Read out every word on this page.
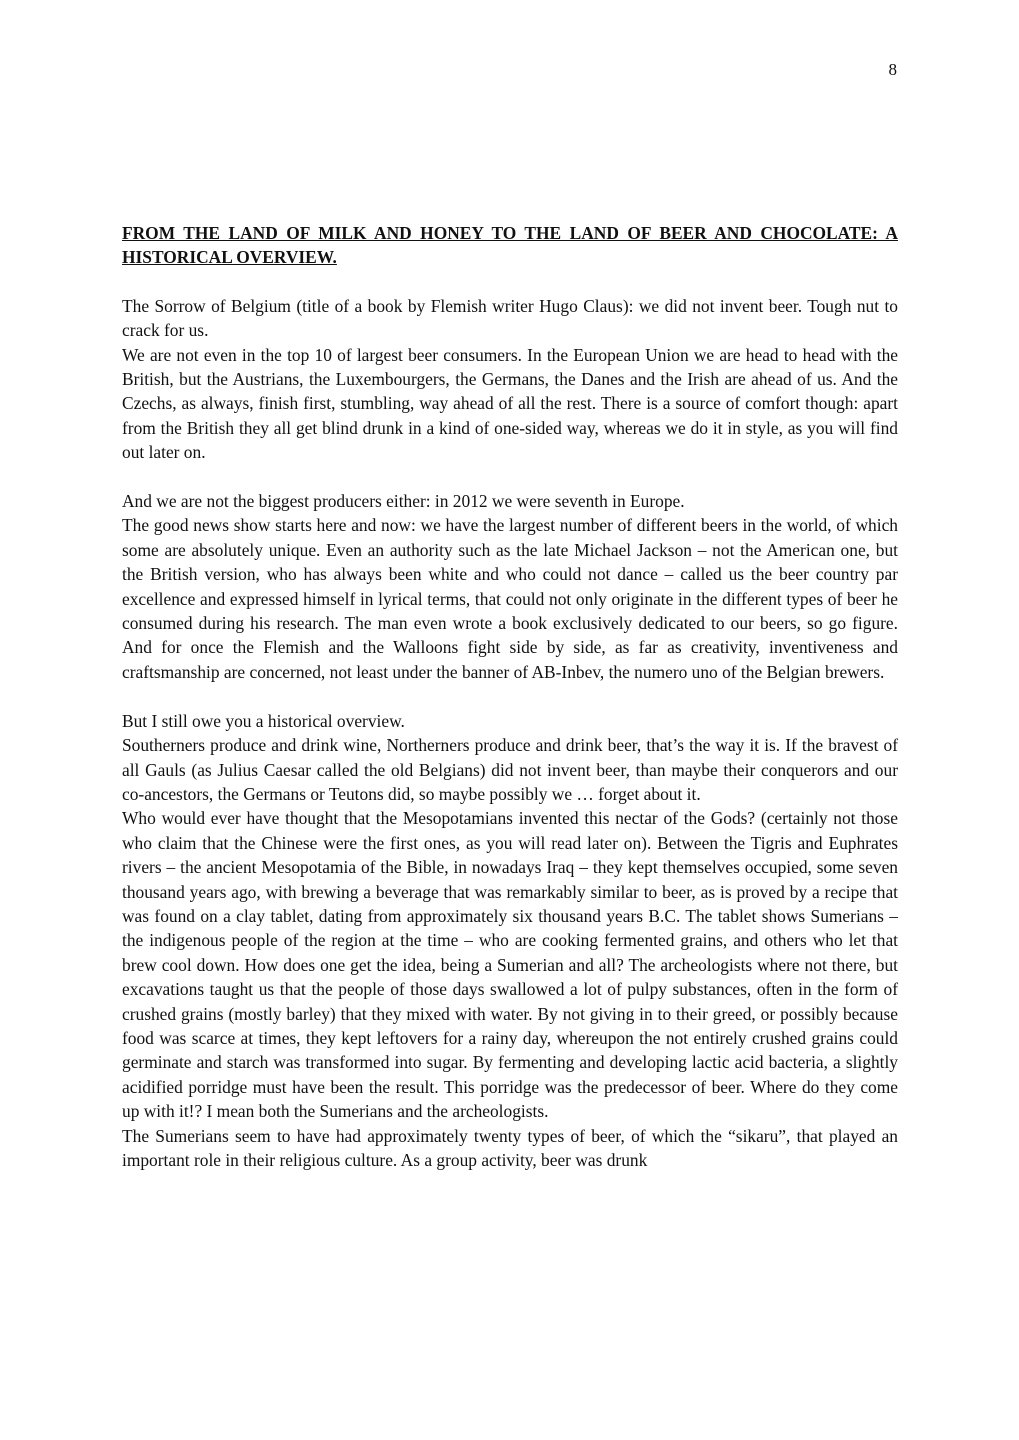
8
FROM THE LAND OF MILK AND HONEY TO THE LAND OF BEER AND CHOCOLATE: A HISTORICAL OVERVIEW.

The Sorrow of Belgium (title of a book by Flemish writer Hugo Claus): we did not invent beer. Tough nut to crack for us.

We are not even in the top 10 of largest beer consumers. In the European Union we are head to head with the British, but the Austrians, the Luxembourgers, the Germans, the Danes and the Irish are ahead of us. And the Czechs, as always, finish first, stumbling, way ahead of all the rest. There is a source of comfort though: apart from the British they all get blind drunk in a kind of one-sided way, whereas we do it in style, as you will find out later on.

And we are not the biggest producers either: in 2012 we were seventh in Europe.

The good news show starts here and now: we have the largest number of different beers in the world, of which some are absolutely unique. Even an authority such as the late Michael Jackson – not the American one, but the British version, who has always been white and who could not dance – called us the beer country par excellence and expressed himself in lyrical terms, that could not only originate in the different types of beer he consumed during his research. The man even wrote a book exclusively dedicated to our beers, so go figure. And for once the Flemish and the Walloons fight side by side, as far as creativity, inventiveness and craftsmanship are concerned, not least under the banner of AB-Inbev, the numero uno of the Belgian brewers.

But I still owe you a historical overview.

Southerners produce and drink wine, Northerners produce and drink beer, that’s the way it is. If the bravest of all Gauls (as Julius Caesar called the old Belgians) did not invent beer, than maybe their conquerors and our co-ancestors, the Germans or Teutons did, so maybe possibly we … forget about it.

Who would ever have thought that the Mesopotamians invented this nectar of the Gods? (certainly not those who claim that the Chinese were the first ones, as you will read later on). Between the Tigris and Euphrates rivers – the ancient Mesopotamia of the Bible, in nowadays Iraq – they kept themselves occupied, some seven thousand years ago, with brewing a beverage that was remarkably similar to beer, as is proved by a recipe that was found on a clay tablet, dating from approximately six thousand years B.C. The tablet shows Sumerians – the indigenous people of the region at the time – who are cooking fermented grains, and others who let that brew cool down. How does one get the idea, being a Sumerian and all? The archeologists where not there, but excavations taught us that the people of those days swallowed a lot of pulpy substances, often in the form of crushed grains (mostly barley) that they mixed with water. By not giving in to their greed, or possibly because food was scarce at times, they kept leftovers for a rainy day, whereupon the not entirely crushed grains could germinate and starch was transformed into sugar. By fermenting and developing lactic acid bacteria, a slightly acidified porridge must have been the result. This porridge was the predecessor of beer. Where do they come up with it!? I mean both the Sumerians and the archeologists.

The Sumerians seem to have had approximately twenty types of beer, of which the “sikaru”, that played an important role in their religious culture. As a group activity, beer was drunk
